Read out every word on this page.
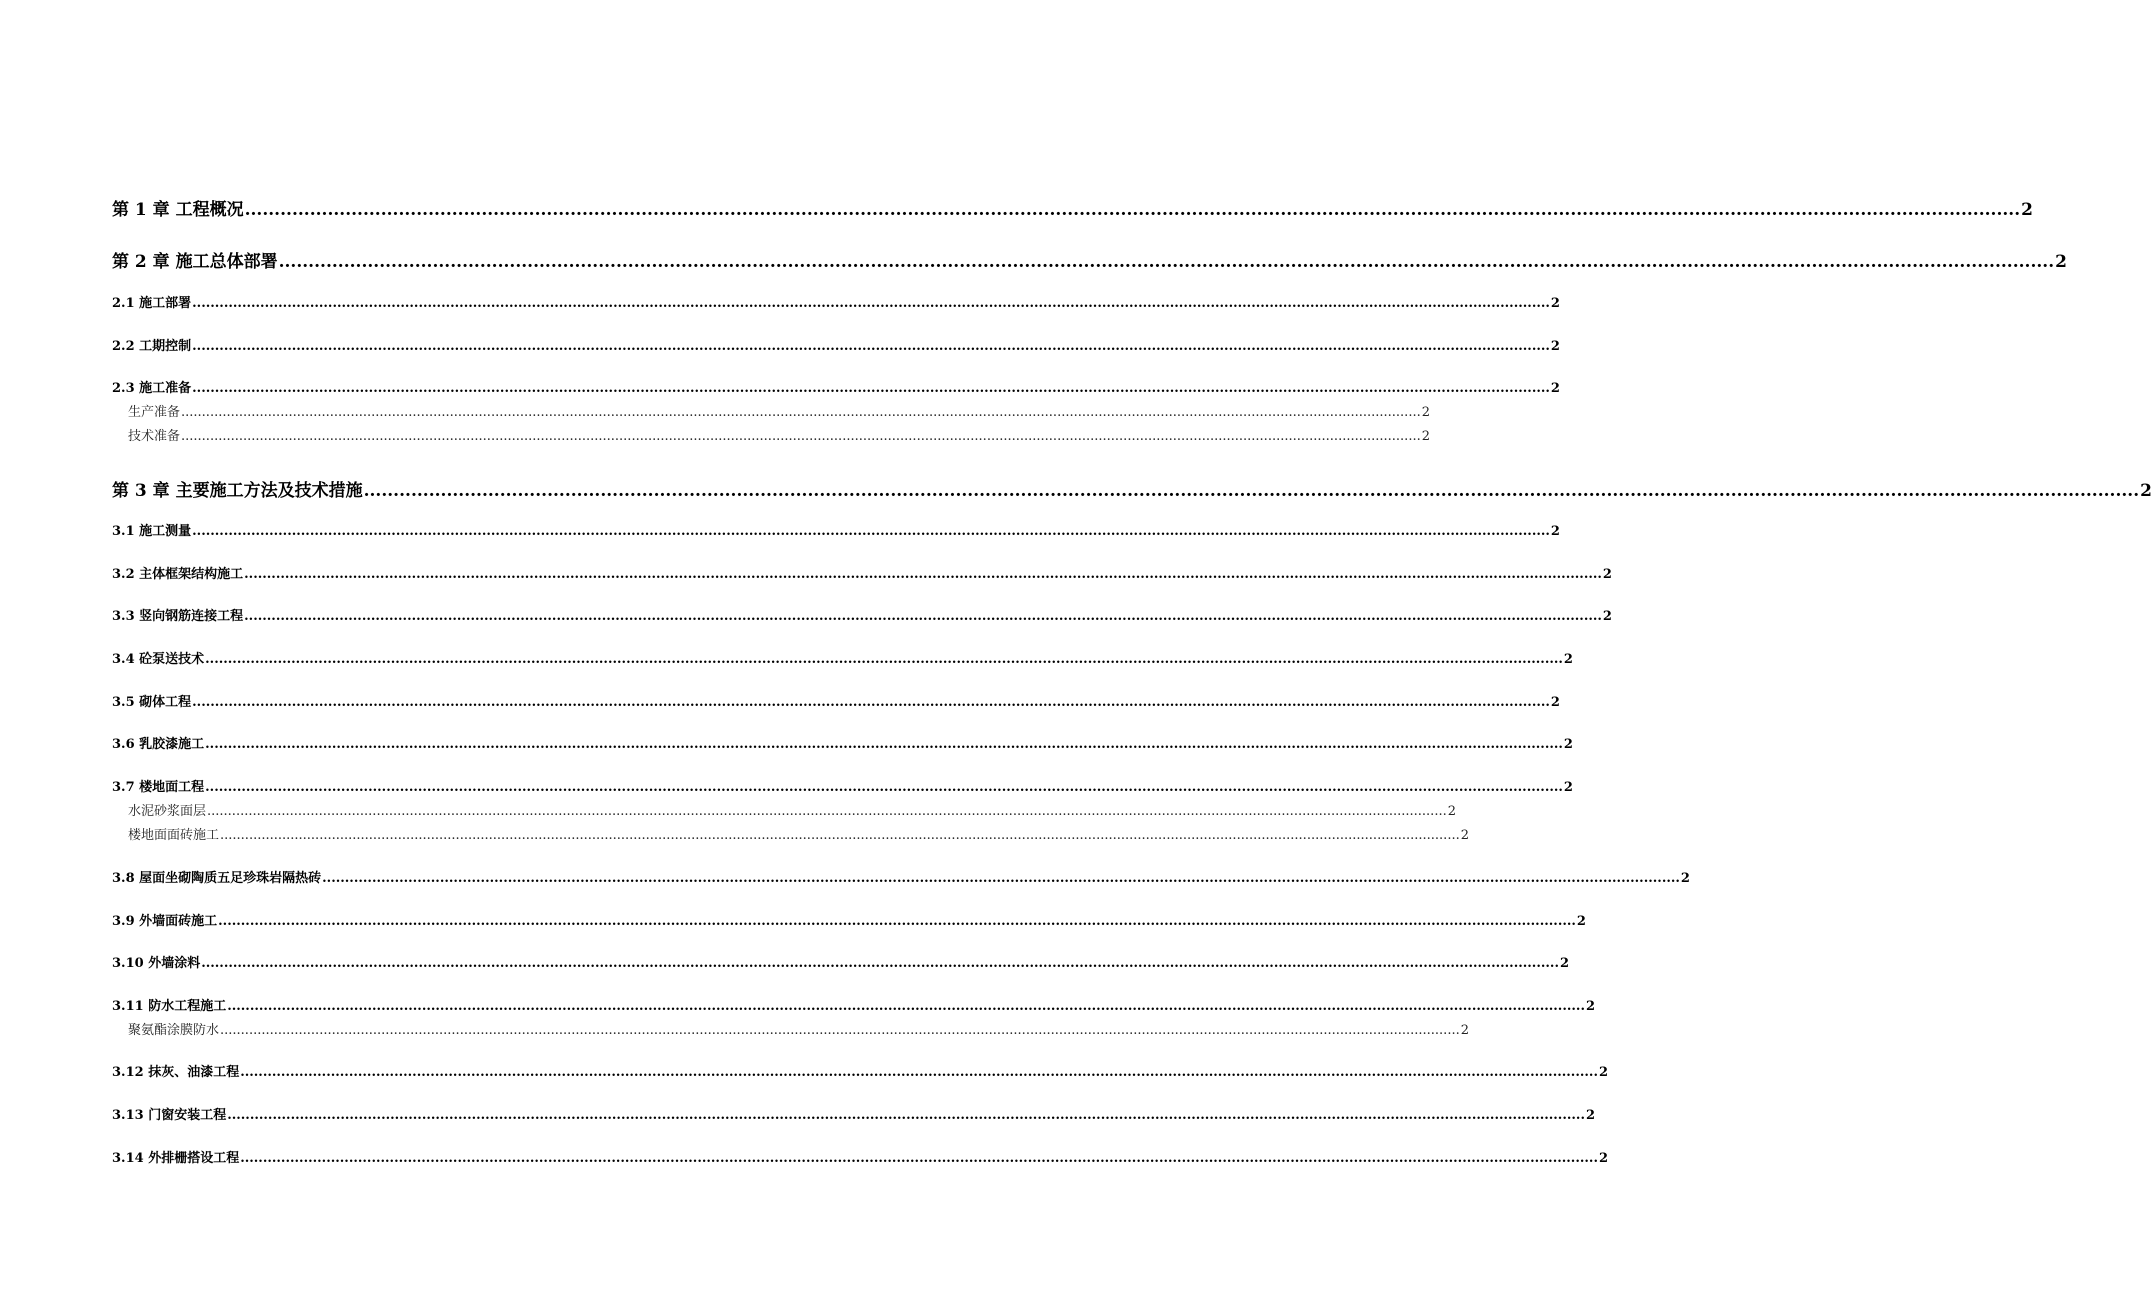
第 1 章 工程概况 ............................................................................................................................................................................................................................................................................................................ 2
第 2 章 施工总体部署 ............................................................................................................................................................................................................................................................................................................ 2
2.1 施工部署 ............................................................................................................................................................................................................................................................................................................ 2
2.2 工期控制 ............................................................................................................................................................................................................................................................................................................ 2
2.3 施工准备 ............................................................................................................................................................................................................................................................................................................ 2
生产准备 ............................................................................................................................................................................................................................................................................................................ 2
技术准备 ............................................................................................................................................................................................................................................................................................................ 2
第 3 章 主要施工方法及技术措施 ............................................................................................................................................................................................................................................................................................................ 2
3.1 施工测量 ............................................................................................................................................................................................................................................................................................................ 2
3.2 主体框架结构施工 ............................................................................................................................................................................................................................................................................................................ 2
3.3 竖向钢筋连接工程 ............................................................................................................................................................................................................................................................................................................ 2
3.4 砼泵送技术 ............................................................................................................................................................................................................................................................................................................ 2
3.5 砌体工程 ............................................................................................................................................................................................................................................................................................................ 2
3.6 乳胶漆施工 ............................................................................................................................................................................................................................................................................................................ 2
3.7 楼地面工程 ............................................................................................................................................................................................................................................................................................................ 2
水泥砂浆面层 ............................................................................................................................................................................................................................................................................................................ 2
楼地面面砖施工 ............................................................................................................................................................................................................................................................................................................ 2
3.8 屋面坐砌陶质五足珍珠岩隔热砖 ............................................................................................................................................................................................................................................................................................................ 2
3.9 外墙面砖施工 ............................................................................................................................................................................................................................................................................................................ 2
3.10 外墙涂料 ............................................................................................................................................................................................................................................................................................................ 2
3.11 防水工程施工 ............................................................................................................................................................................................................................................................................................................ 2
聚氨酯涂膜防水 ............................................................................................................................................................................................................................................................................................................ 2
3.12 抹灰、油漆工程 ............................................................................................................................................................................................................................................................................................................ 2
3.13 门窗安装工程 ............................................................................................................................................................................................................................................................................................................ 2
3.14 外排栅搭设工程 ............................................................................................................................................................................................................................................................................................................ 2
